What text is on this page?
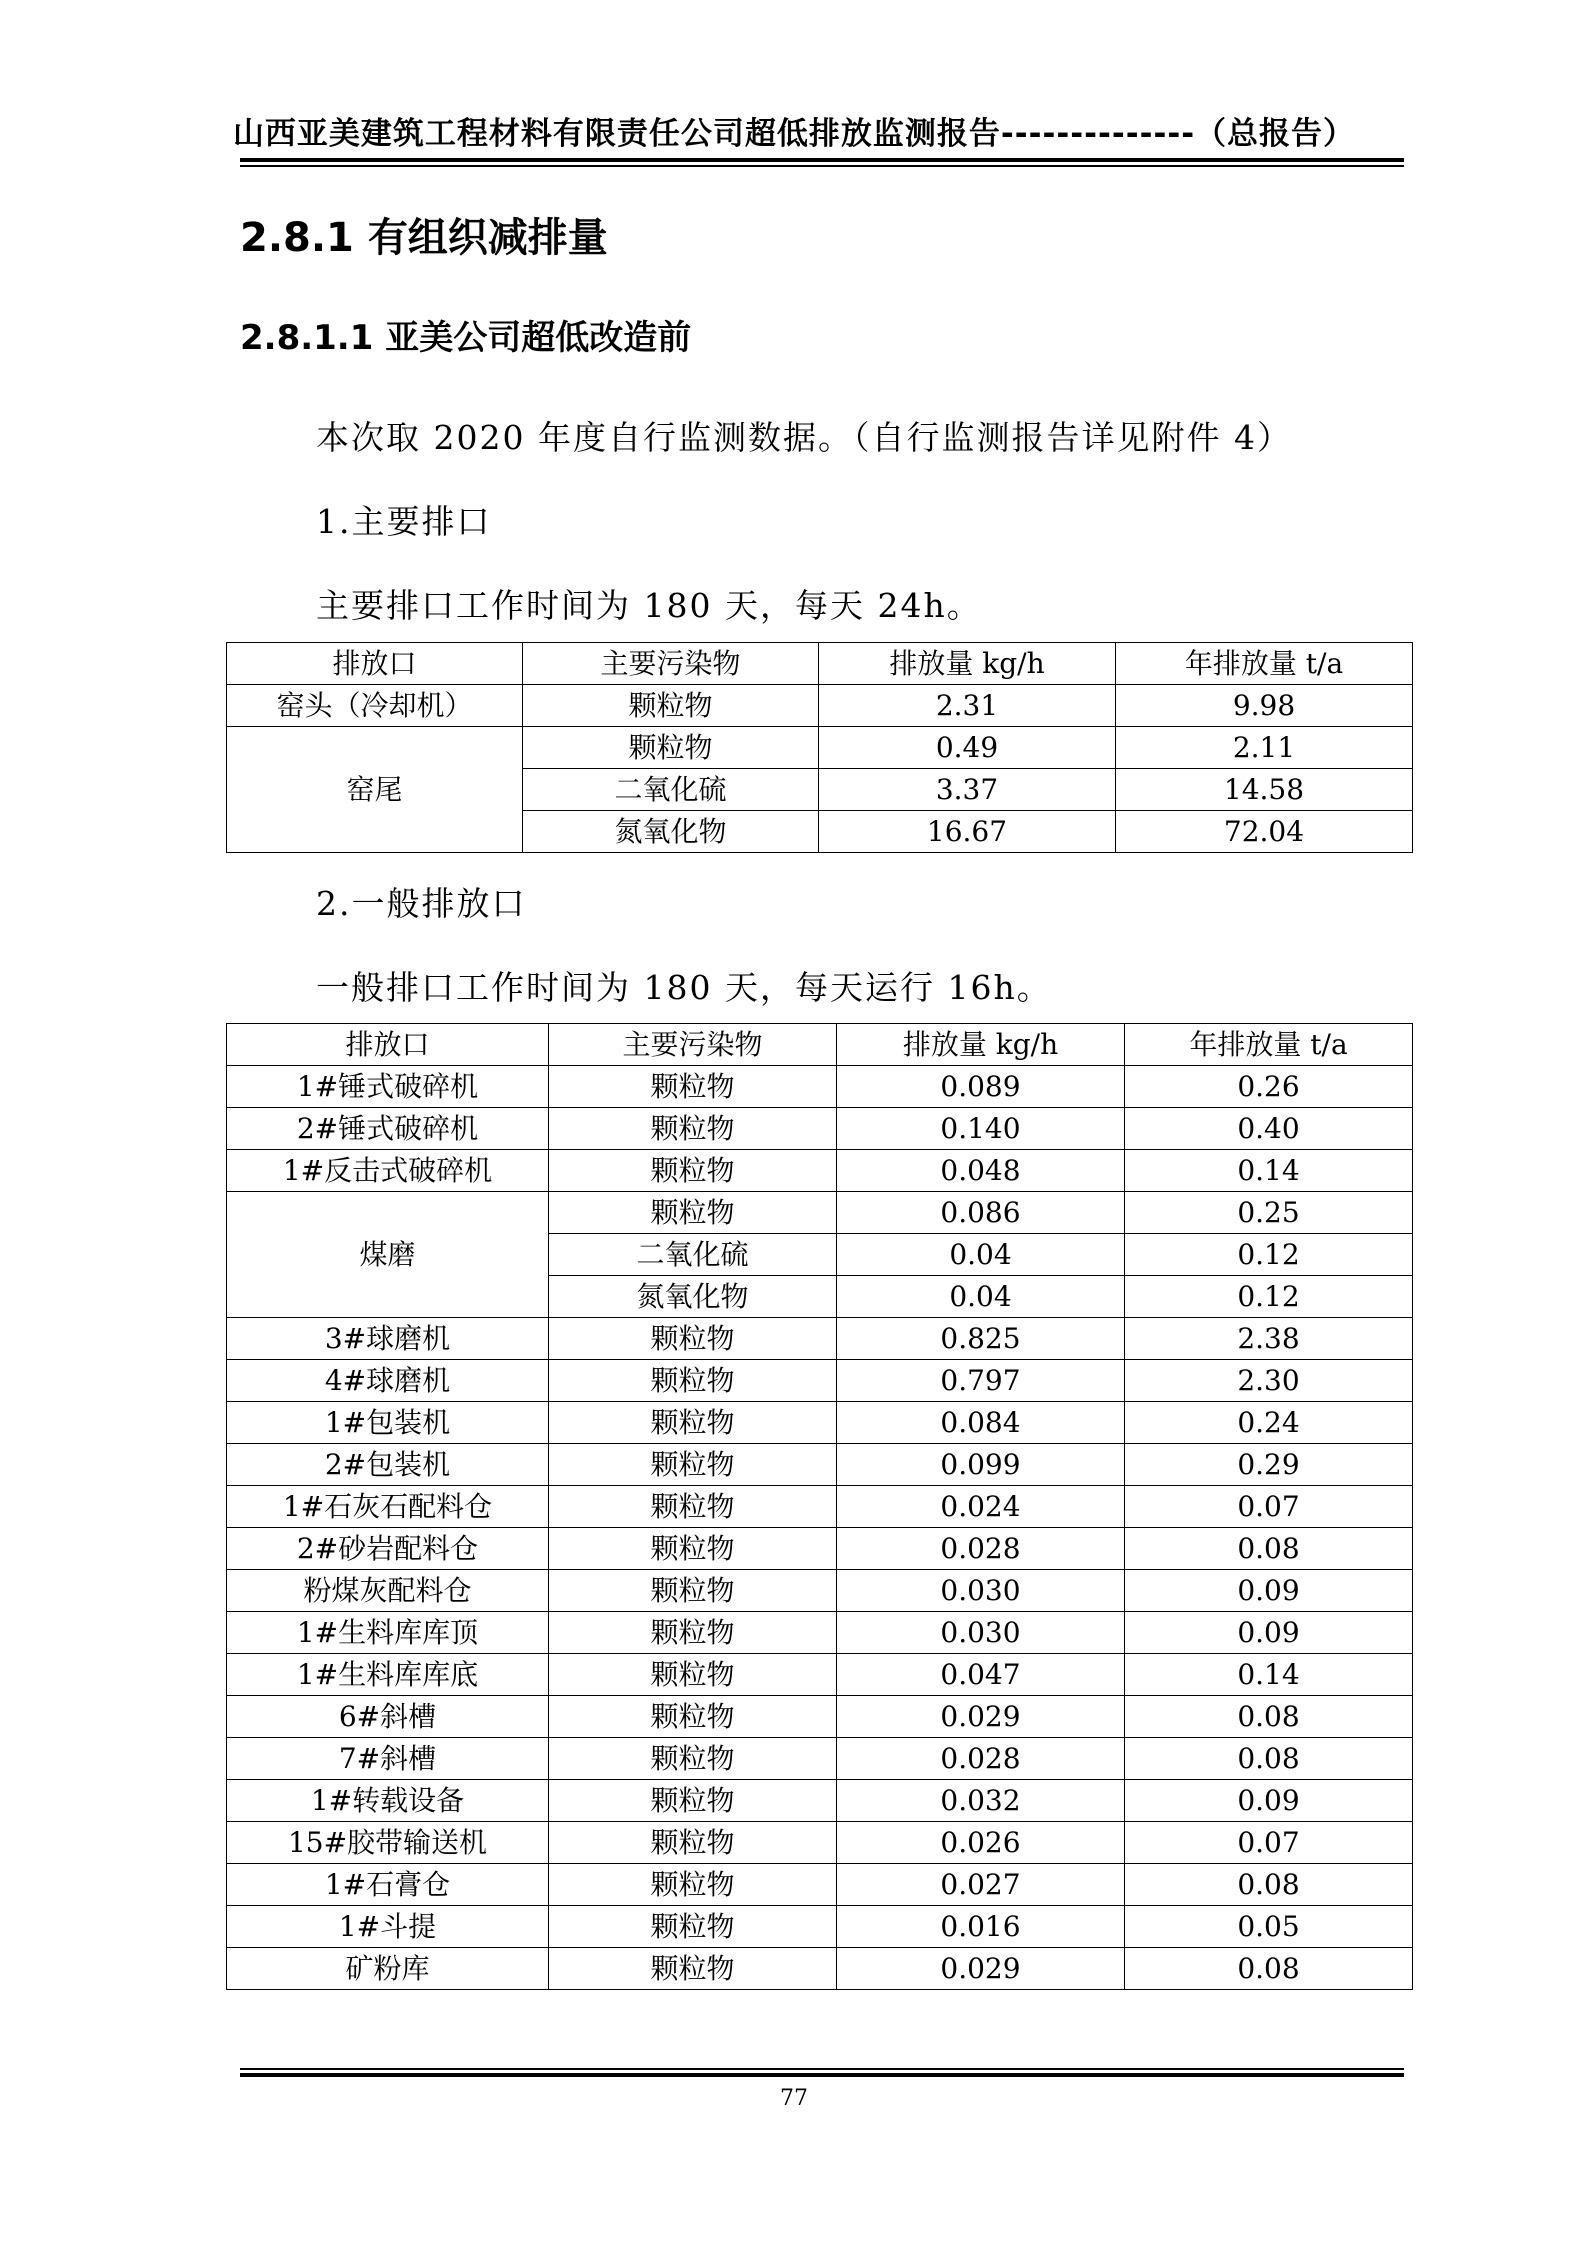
山西亚美建筑工程材料有限责任公司超低排放监测报告--------------（总报告）
2.8.1 有组织减排量
2.8.1.1 亚美公司超低改造前
本次取 2020 年度自行监测数据。（自行监测报告详见附件 4）
1.主要排口
主要排口工作时间为 180 天，每天 24h。
排放口	主要污染物	排放量 kg/h	年排放量 t/a
窑头（冷却机）	颗粒物	2.31	9.98
窑尾	颗粒物	0.49	2.11
	二氧化硫	3.37	14.58
	氮氧化物	16.67	72.04
2.一般排放口
一般排口工作时间为 180 天，每天运行 16h。
排放口	主要污染物	排放量 kg/h	年排放量 t/a
1#锤式破碎机	颗粒物	0.089	0.26
2#锤式破碎机	颗粒物	0.140	0.40
1#反击式破碎机	颗粒物	0.048	0.14
煤磨	颗粒物	0.086	0.25
	二氧化硫	0.04	0.12
	氮氧化物	0.04	0.12
3#球磨机	颗粒物	0.825	2.38
4#球磨机	颗粒物	0.797	2.30
1#包装机	颗粒物	0.084	0.24
2#包装机	颗粒物	0.099	0.29
1#石灰石配料仓	颗粒物	0.024	0.07
2#砂岩配料仓	颗粒物	0.028	0.08
粉煤灰配料仓	颗粒物	0.030	0.09
1#生料库库顶	颗粒物	0.030	0.09
1#生料库库底	颗粒物	0.047	0.14
6#斜槽	颗粒物	0.029	0.08
7#斜槽	颗粒物	0.028	0.08
1#转载设备	颗粒物	0.032	0.09
15#胶带输送机	颗粒物	0.026	0.07
1#石膏仓	颗粒物	0.027	0.08
1#斗提	颗粒物	0.016	0.05
矿粉库	颗粒物	0.029	0.08
77
